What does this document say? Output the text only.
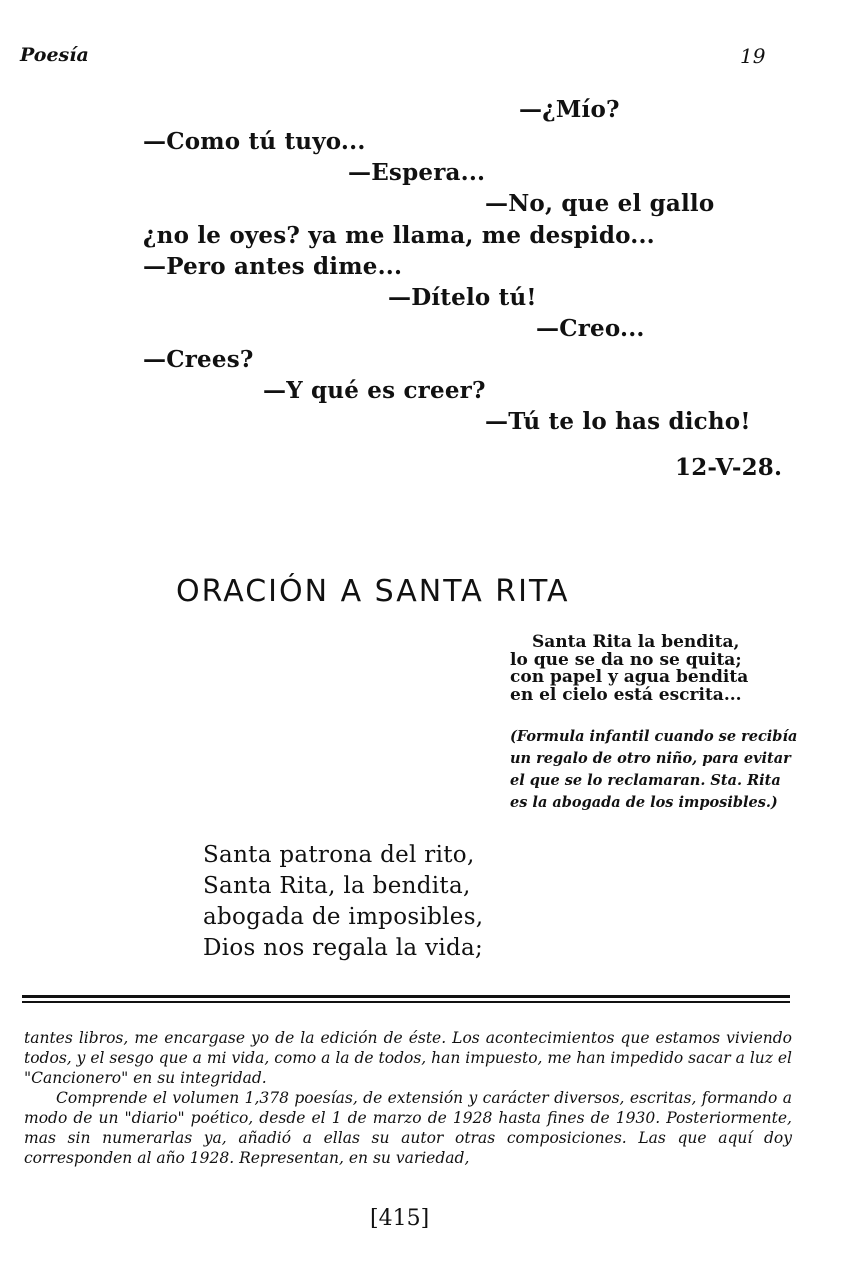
Poesía	19
—¿Mío?
—Como tú tuyo...
—Espera...
—No, que el gallo
¿no le oyes? ya me llama, me despido...
—Pero antes dime...
—Dítelo tú!
—Creo...
—Crees?
—Y qué es creer?
—Tú te lo has dicho!
12-V-28.
ORACIÓN A SANTA RITA
Santa Rita la bendita,
lo que se da no se quita;
con papel y agua bendita
en el cielo está escrita...
(Formula infantil cuando se recibía un regalo de otro niño, para evitar el que se lo reclamaran. Sta. Rita es la abogada de los imposibles.)
Santa patrona del rito,
Santa Rita, la bendita,
abogada de imposibles,
Dios nos regala la vida;

tantes libros, me encargase yo de la edición de éste. Los acontecimientos que estamos viviendo todos, y el sesgo que a mi vida, como a la de todos, han impuesto, me han impedido sacar a luz el "Cancionero" en su integridad.

Comprende el volumen 1,378 poesías, de extensión y carácter diversos, escritas, formando a modo de un "diario" poético, desde el 1 de marzo de 1928 hasta fines de 1930. Posteriormente, mas sin numerarlas ya, añadió a ellas su autor otras composiciones. Las que aquí doy corresponden al año 1928. Representan, en su variedad,

[415]
